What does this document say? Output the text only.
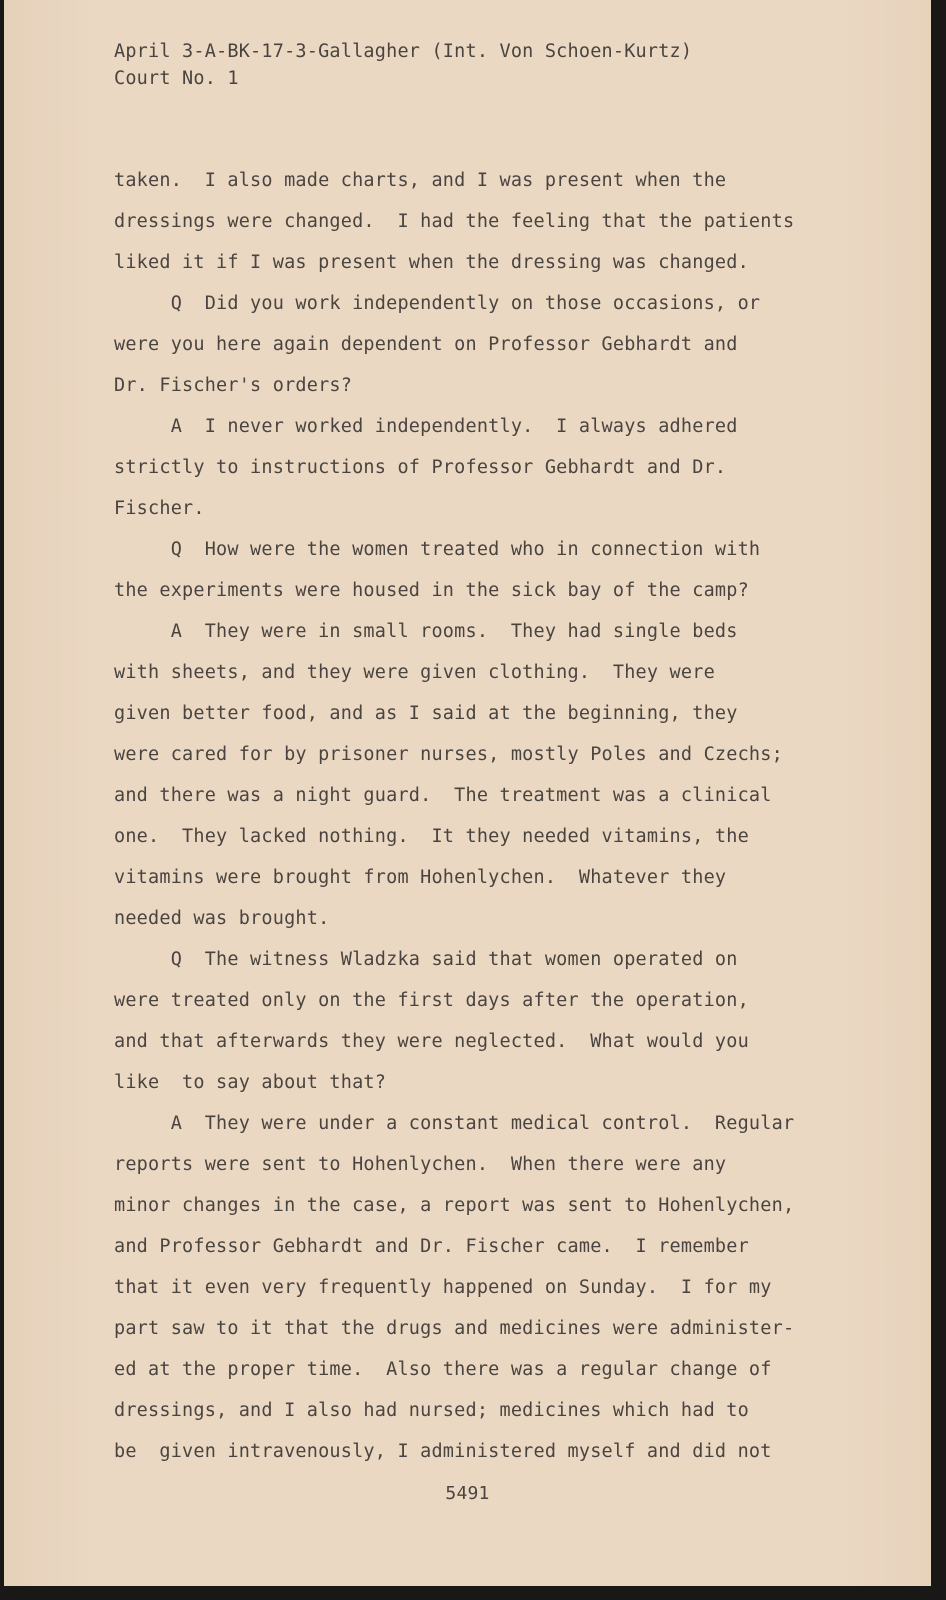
April 3-A-BK-17-3-Gallagher (Int. Von Schoen-Kurtz)
Court No. 1
taken.  I also made charts, and I was present when the
dressings were changed.  I had the feeling that the patients
liked it if I was present when the dressing was changed.
Q  Did you work independently on those occasions, or
were you here again dependent on Professor Gebhardt and
Dr. Fischer's orders?
A  I never worked independently.  I always adhered
strictly to instructions of Professor Gebhardt and Dr.
Fischer.
Q  How were the women treated who in connection with
the experiments were housed in the sick bay of the camp?
A  They were in small rooms.  They had single beds
with sheets, and they were given clothing.  They were
given better food, and as I said at the beginning, they
were cared for by prisoner nurses, mostly Poles and Czechs;
and there was a night guard.  The treatment was a clinical
one.  They lacked nothing.  It they needed vitamins, the
vitamins were brought from Hohenlychen.  Whatever they
needed was brought.
Q  The witness Wladzka said that women operated on
were treated only on the first days after the operation,
and that afterwards they were neglected.  What would you
like  to say about that?
A  They were under a constant medical control.  Regular
reports were sent to Hohenlychen.  When there were any
minor changes in the case, a report was sent to Hohenlychen,
and Professor Gebhardt and Dr. Fischer came.  I remember
that it even very frequently happened on Sunday.  I for my
part saw to it that the drugs and medicines were administer-
ed at the proper time.  Also there was a regular change of
dressings, and I also had nursed; medicines which had to
be  given intravenously, I administered myself and did not
5491
